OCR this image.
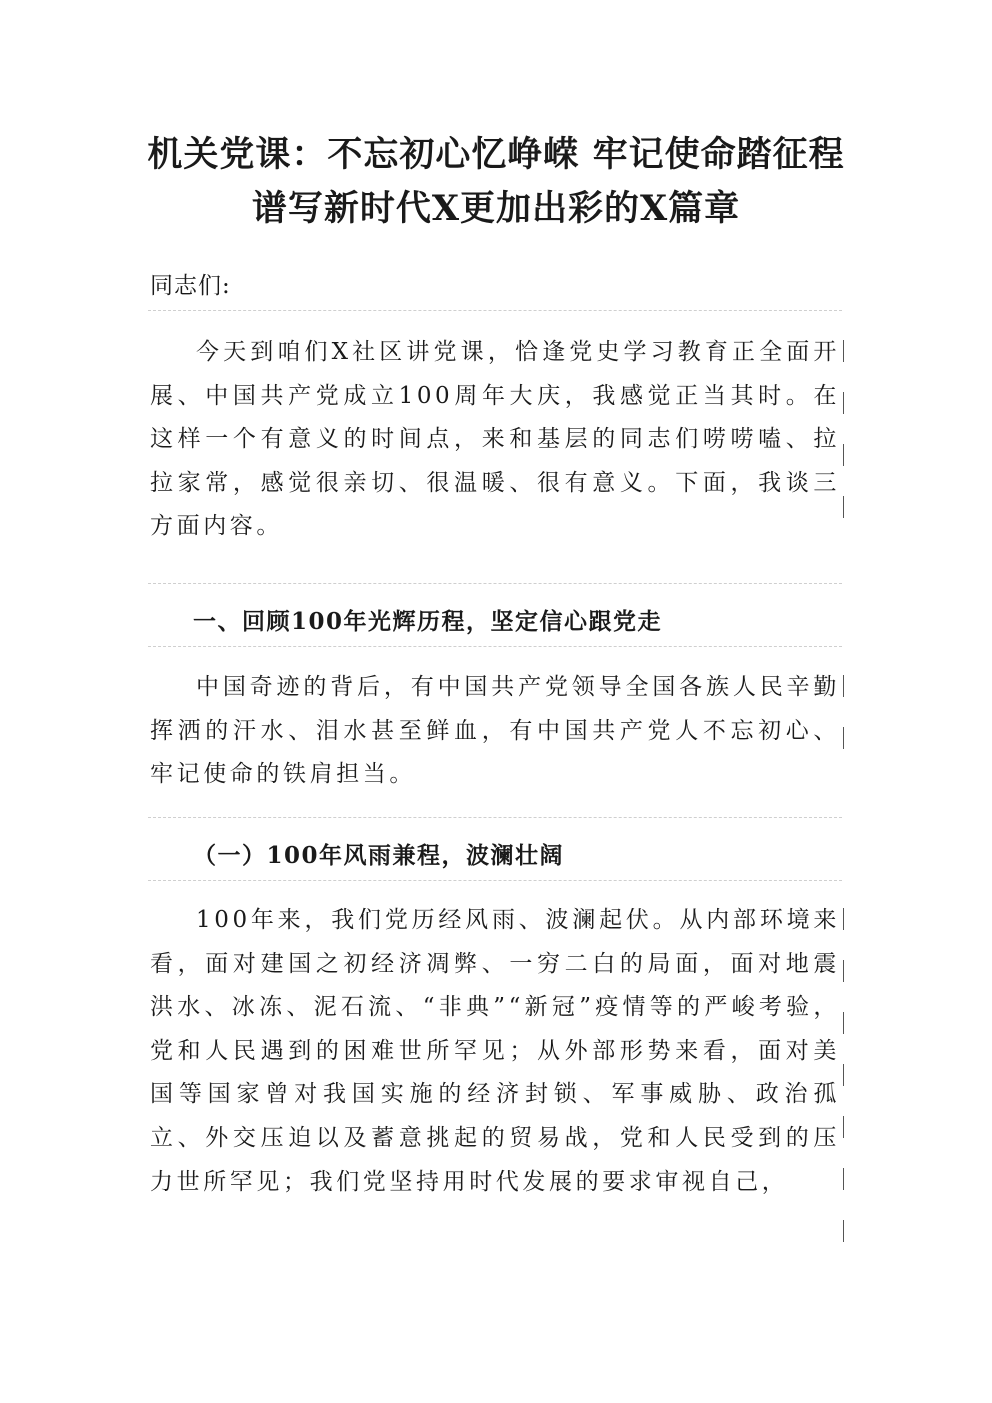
机关党课：不忘初心忆峥嵘 牢记使命踏征程 谱写新时代X更加出彩的X篇章
同志们:
今天到咱们X社区讲党课，恰逢党史学习教育正全面开展、中国共产党成立100周年大庆，我感觉正当其时。在这样一个有意义的时间点，来和基层的同志们唠唠嗑、拉拉家常，感觉很亲切、很温暖、很有意义。下面，我谈三方面内容。
一、回顾100年光辉历程，坚定信心跟党走
中国奇迹的背后，有中国共产党领导全国各族人民辛勤挥洒的汗水、泪水甚至鲜血，有中国共产党人不忘初心、牢记使命的铁肩担当。
（一）100年风雨兼程，波澜壮阔
100年来，我们党历经风雨、波澜起伏。从内部环境来看，面对建国之初经济凋弊、一穷二白的局面，面对地震洪水、冰冻、泥石流、“非典”“新冠”疫情等的严峻考验，党和人民遇到的困难世所罕见；从外部形势来看，面对美国等国家曾对我国实施的经济封锁、军事威胁、政治孤立、外交压迫以及蓄意挑起的贸易战，党和人民受到的压力世所罕见；我们党坚持用时代发展的要求审视自己，
